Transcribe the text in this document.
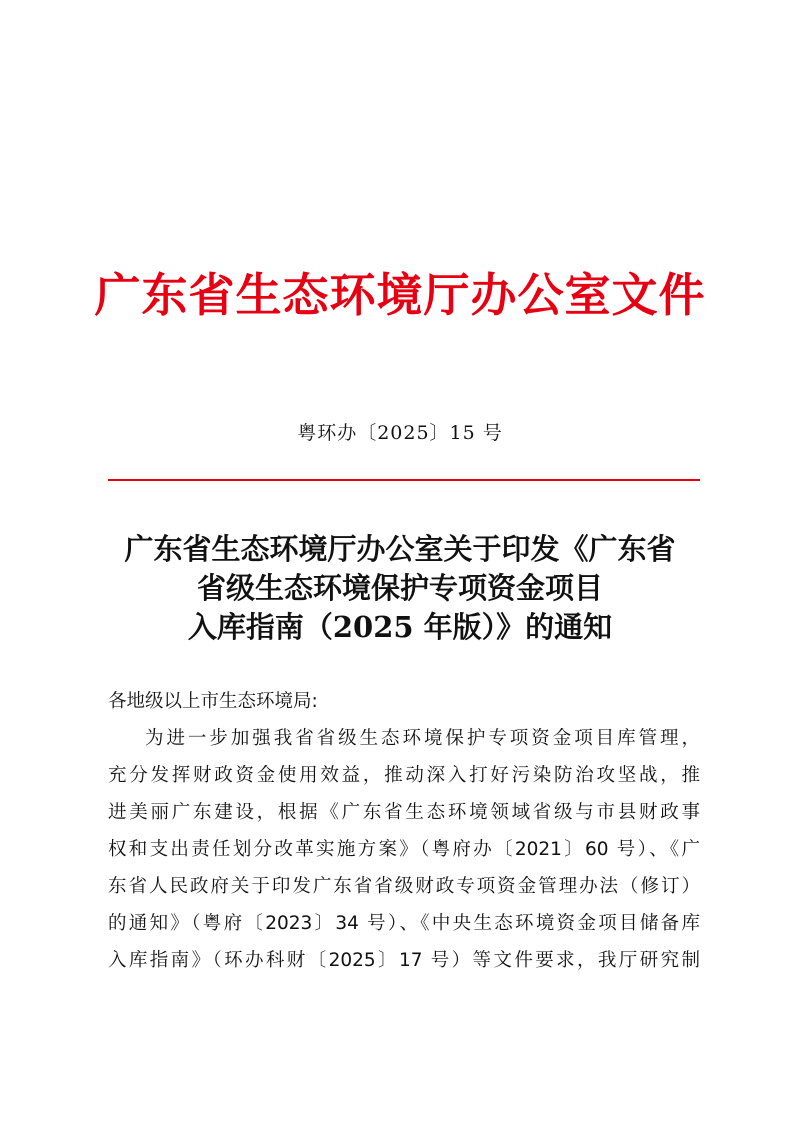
广东省生态环境厅办公室文件
粤环办〔2025〕15 号
广东省生态环境厅办公室关于印发《广东省
省级生态环境保护专项资金项目
入库指南（2025 年版）》的通知
各地级以上市生态环境局:
为进一步加强我省省级生态环境保护专项资金项目库管理，
充分发挥财政资金使用效益，推动深入打好污染防治攻坚战，推
进美丽广东建设，根据《广东省生态环境领域省级与市县财政事
权和支出责任划分改革实施方案》（粤府办〔2021〕60 号）、《广
东省人民政府关于印发广东省省级财政专项资金管理办法（修订）
的通知》（粤府〔2023〕34 号）、《中央生态环境资金项目储备库
入库指南》（环办科财〔2025〕17 号）等文件要求，我厅研究制
